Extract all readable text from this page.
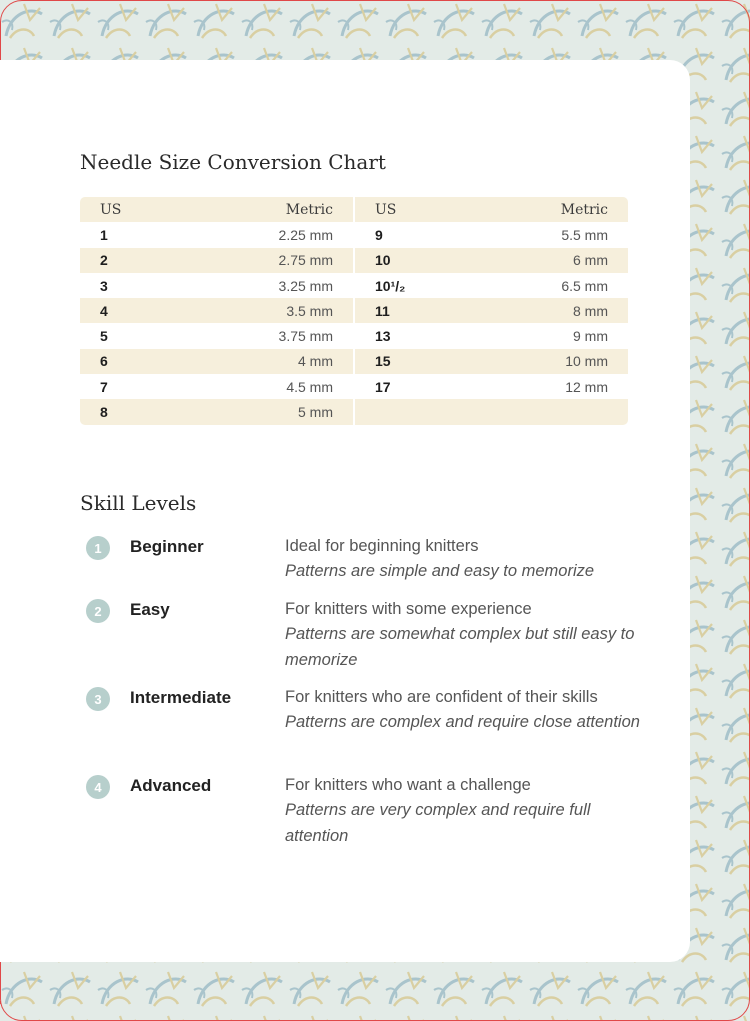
Needle Size Conversion Chart
US	Metric	US	Metric
1	2.25 mm	9	5.5 mm
2	2.75 mm	10	6 mm
3	3.25 mm	10¹/₂	6.5 mm
4	3.5 mm	11	8 mm
5	3.75 mm	13	9 mm
6	4 mm	15	10 mm
7	4.5 mm	17	12 mm
8	5 mm
Skill Levels
1	Beginner	Ideal for beginning knitters
Patterns are simple and easy to memorize
2	Easy	For knitters with some experience
Patterns are somewhat complex but still easy to memorize
3	Intermediate	For knitters who are confident of their skills
Patterns are complex and require close attention
4	Advanced	For knitters who want a challenge
Patterns are very complex and require full attention
